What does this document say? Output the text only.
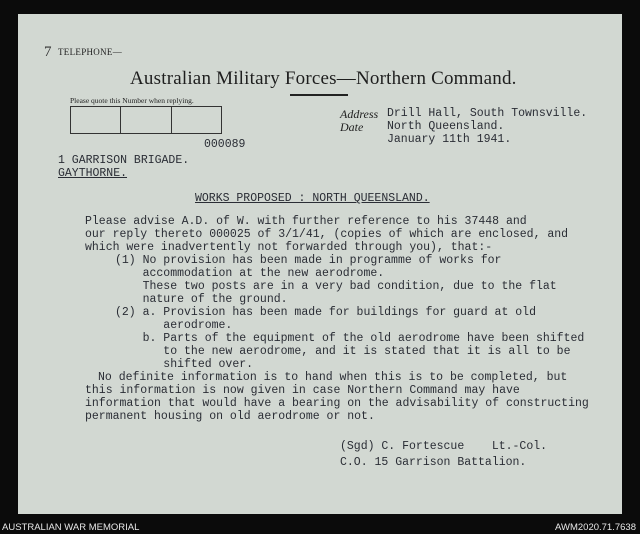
7 TELEPHONE—
Australian Military Forces—Northern Command.
Please quote this Number when replying.
000089
Address
Date
Drill Hall, South Townsville.
North Queensland.
January 11th 1941.
1 GARRISON BRIGADE.
GAYTHORNE.
WORKS PROPOSED : NORTH QUEENSLAND.
Please advise A.D. of W. with further reference to his 37448 and
our reply thereto 000025 of 3/1/41, (copies of which are enclosed, and
which were inadvertently not forwarded through you), that:-
(1) No provision has been made in programme of works for
accommodation at the new aerodrome.
These two posts are in a very bad condition, due to the flat
nature of the ground.
(2) a. Provision has been made for buildings for guard at old
aerodrome.
b. Parts of the equipment of the old aerodrome have been shifted
to the new aerodrome, and it is stated that it is all to be
shifted over.
No definite information is to hand when this is to be completed, but
this information is now given in case Northern Command may have
information that would have a bearing on the advisability of constructing
permanent housing on old aerodrome or not.
(Sgd) C. Fortescue    Lt.-Col.
C.O. 15 Garrison Battalion.
AUSTRALIAN WAR MEMORIAL	AWM2020.71.7638
